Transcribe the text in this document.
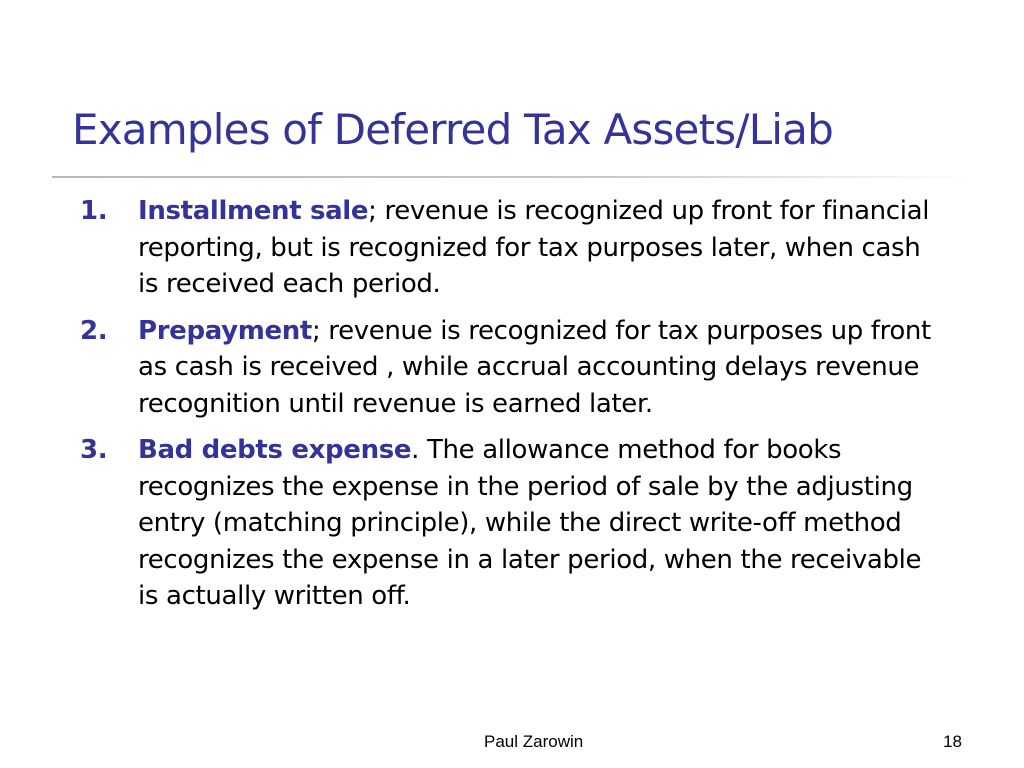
Examples of Deferred Tax Assets/Liab
1. Installment sale; revenue is recognized up front for financial reporting, but is recognized for tax purposes later, when cash is received each period.
2. Prepayment; revenue is recognized for tax purposes up front as cash is received , while accrual accounting delays revenue recognition until revenue is earned later.
3. Bad debts expense. The allowance method for books recognizes the expense in the period of sale by the adjusting entry (matching principle), while the direct write-off method recognizes the expense in a later period, when the receivable is actually written off.
Paul Zarowin	18
